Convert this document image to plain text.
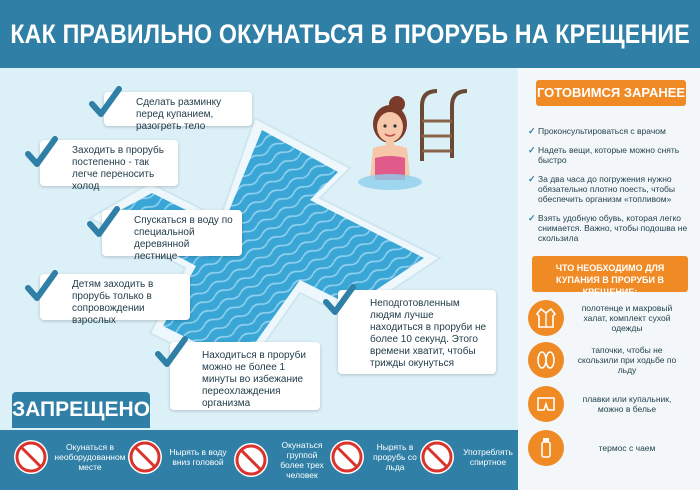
КАК ПРАВИЛЬНО ОКУНАТЬСЯ В ПРОРУБЬ НА КРЕЩЕНИЕ
Сделать разминку перед купанием, разогреть тело
Заходить в прорубь постепенно - так легче переносить холод
Спускаться в воду по специальной деревянной лестнице
Детям заходить в прорубь только в сопровождении взрослых
Находиться в проруби можно не более 1 минуты во избежание переохлаждения организма
Неподготовленным людям лучше находиться в проруби не более 10 секунд. Этого времени хватит, чтобы трижды окунуться
ГОТОВИМСЯ ЗАРАНЕЕ
✓ Проконсультироваться с врачом
✓ Надеть вещи, которые можно снять быстро
✓ За два часа до погружения нужно обязательно плотно поесть, чтобы обеспечить организм «топливом»
✓ Взять удобную обувь, которая легко снимается. Важно, чтобы подошва не скользила
ЧТО НЕОБХОДИМО ДЛЯ КУПАНИЯ В ПРОРУБИ В КРЕЩЕНИЕ:
полотенце и махровый халат, комплект сухой одежды
тапочки, чтобы не скользили при ходьбе по льду
плавки или купальник, можно в белье
термос с чаем
ЗАПРЕЩЕНО
Окунаться в необорудованном месте
Нырять в воду вниз головой
Окунаться группой более трех человек
Нырять в прорубь со льда
Употреблять спиртное
